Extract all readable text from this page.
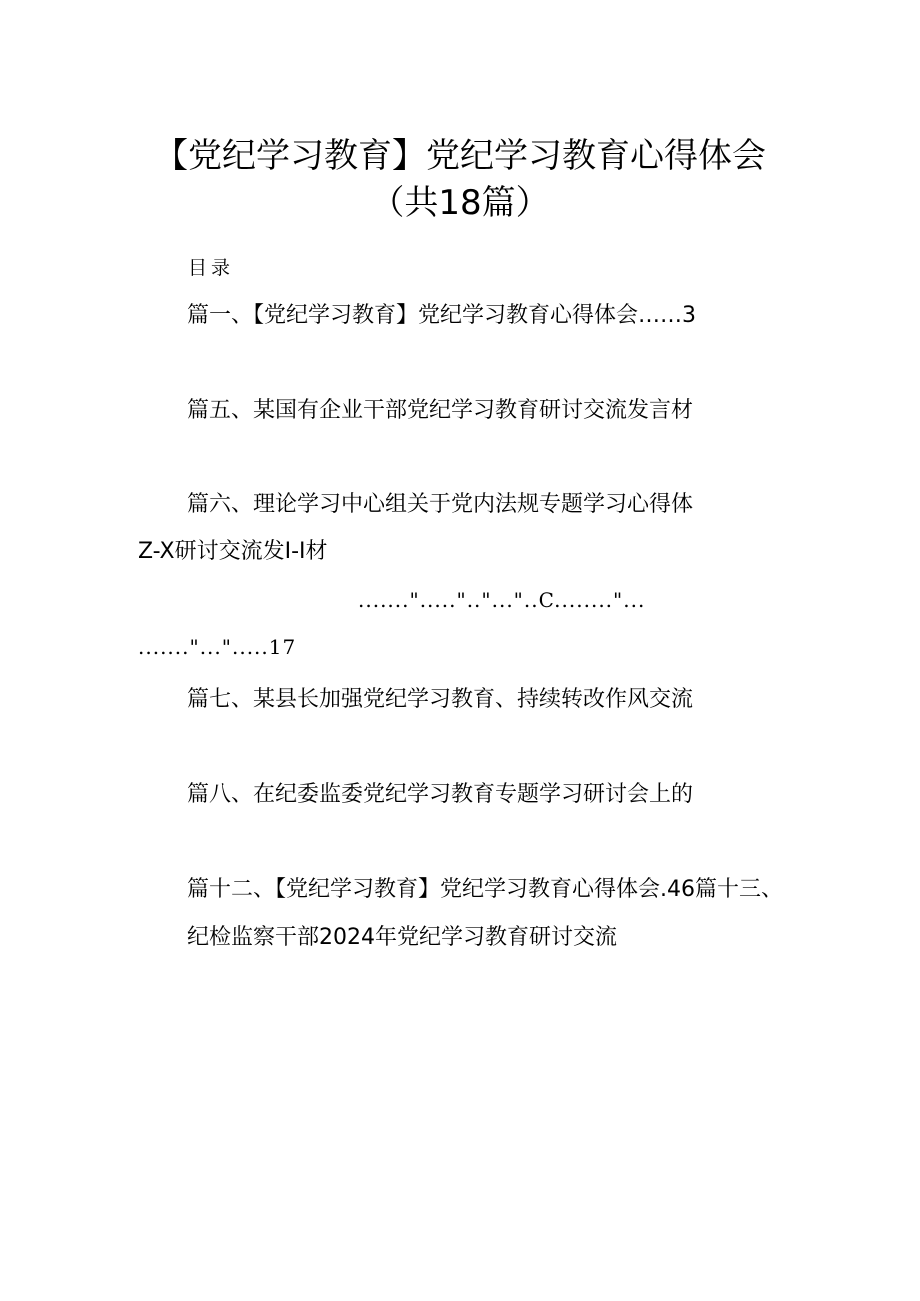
【党纪学习教育】党纪学习教育心得体会
（共18篇）
目录
篇一、【党纪学习教育】党纪学习教育心得体会……3
篇五、某国有企业干部党纪学习教育研讨交流发言材
篇六、理论学习中心组关于党内法规专题学习心得体
Z-X研讨交流发I-I材
.......".....".."..."..C........"...
......."...".....17
篇七、某县长加强党纪学习教育、持续转改作风交流
篇八、在纪委监委党纪学习教育专题学习研讨会上的
篇十二、【党纪学习教育】党纪学习教育心得体会.46篇十三、
纪检监察干部2024年党纪学习教育研讨交流
